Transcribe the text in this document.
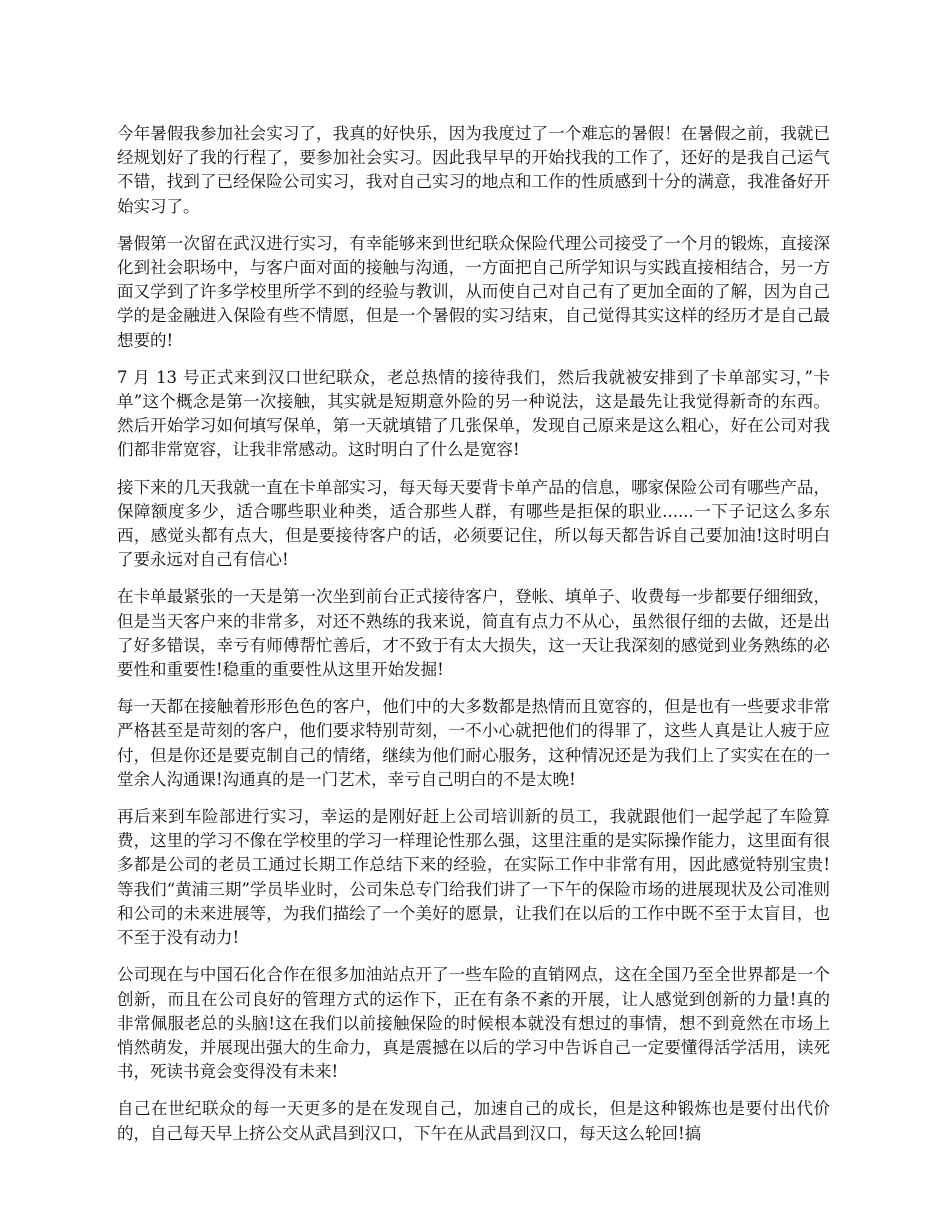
今年暑假我参加社会实习了，我真的好快乐，因为我度过了一个难忘的暑假！在暑假之前，我就已经规划好了我的行程了，要参加社会实习。因此我早早的开始找我的工作了，还好的是我自己运气不错，找到了已经保险公司实习，我对自己实习的地点和工作的性质感到十分的满意，我准备好开始实习了。

暑假第一次留在武汉进行实习，有幸能够来到世纪联众保险代理公司接受了一个月的锻炼，直接深化到社会职场中，与客户面对面的接触与沟通，一方面把自己所学知识与实践直接相结合，另一方面又学到了许多学校里所学不到的经验与教训，从而使自己对自己有了更加全面的了解，因为自己学的是金融进入保险有些不情愿，但是一个暑假的实习结束，自己觉得其实这样的经历才是自己最想要的!

7 月 13 号正式来到汉口世纪联众，老总热情的接待我们，然后我就被安排到了卡单部实习，”卡单”这个概念是第一次接触，其实就是短期意外险的另一种说法，这是最先让我觉得新奇的东西。然后开始学习如何填写保单，第一天就填错了几张保单，发现自己原来是这么粗心，好在公司对我们都非常宽容，让我非常感动。这时明白了什么是宽容!

接下来的几天我就一直在卡单部实习，每天每天要背卡单产品的信息，哪家保险公司有哪些产品，保障额度多少，适合哪些职业种类，适合那些人群，有哪些是拒保的职业......一下子记这么多东西，感觉头都有点大，但是要接待客户的话，必须要记住，所以每天都告诉自己要加油!这时明白了要永远对自己有信心!

在卡单最紧张的一天是第一次坐到前台正式接待客户，登帐、填单子、收费每一步都要仔细细致，但是当天客户来的非常多，对还不熟练的我来说，简直有点力不从心，虽然很仔细的去做，还是出了好多错误，幸亏有师傅帮忙善后，才不致于有太大损失，这一天让我深刻的感觉到业务熟练的必要性和重要性!稳重的重要性从这里开始发掘!

每一天都在接触着形形色色的客户，他们中的大多数都是热情而且宽容的，但是也有一些要求非常严格甚至是苛刻的客户，他们要求特别苛刻，一不小心就把他们的得罪了，这些人真是让人疲于应付，但是你还是要克制自己的情绪，继续为他们耐心服务，这种情况还是为我们上了实实在在的一堂余人沟通课!沟通真的是一门艺术，幸亏自己明白的不是太晚!

再后来到车险部进行实习，幸运的是刚好赶上公司培训新的员工，我就跟他们一起学起了车险算费，这里的学习不像在学校里的学习一样理论性那么强，这里注重的是实际操作能力，这里面有很多都是公司的老员工通过长期工作总结下来的经验，在实际工作中非常有用，因此感觉特别宝贵!等我们“黄浦三期”学员毕业时，公司朱总专门给我们讲了一下午的保险市场的进展现状及公司准则和公司的未来进展等，为我们描绘了一个美好的愿景，让我们在以后的工作中既不至于太盲目，也不至于没有动力!

公司现在与中国石化合作在很多加油站点开了一些车险的直销网点，这在全国乃至全世界都是一个创新，而且在公司良好的管理方式的运作下，正在有条不紊的开展，让人感觉到创新的力量!真的非常佩服老总的头脑!这在我们以前接触保险的时候根本就没有想过的事情，想不到竟然在市场上悄然萌发，并展现出强大的生命力，真是震撼在以后的学习中告诉自己一定要懂得活学活用，读死书，死读书竟会变得没有未来!

自己在世纪联众的每一天更多的是在发现自己，加速自己的成长，但是这种锻炼也是要付出代价的，自己每天早上挤公交从武昌到汉口，下午在从武昌到汉口，每天这么轮回!搞
